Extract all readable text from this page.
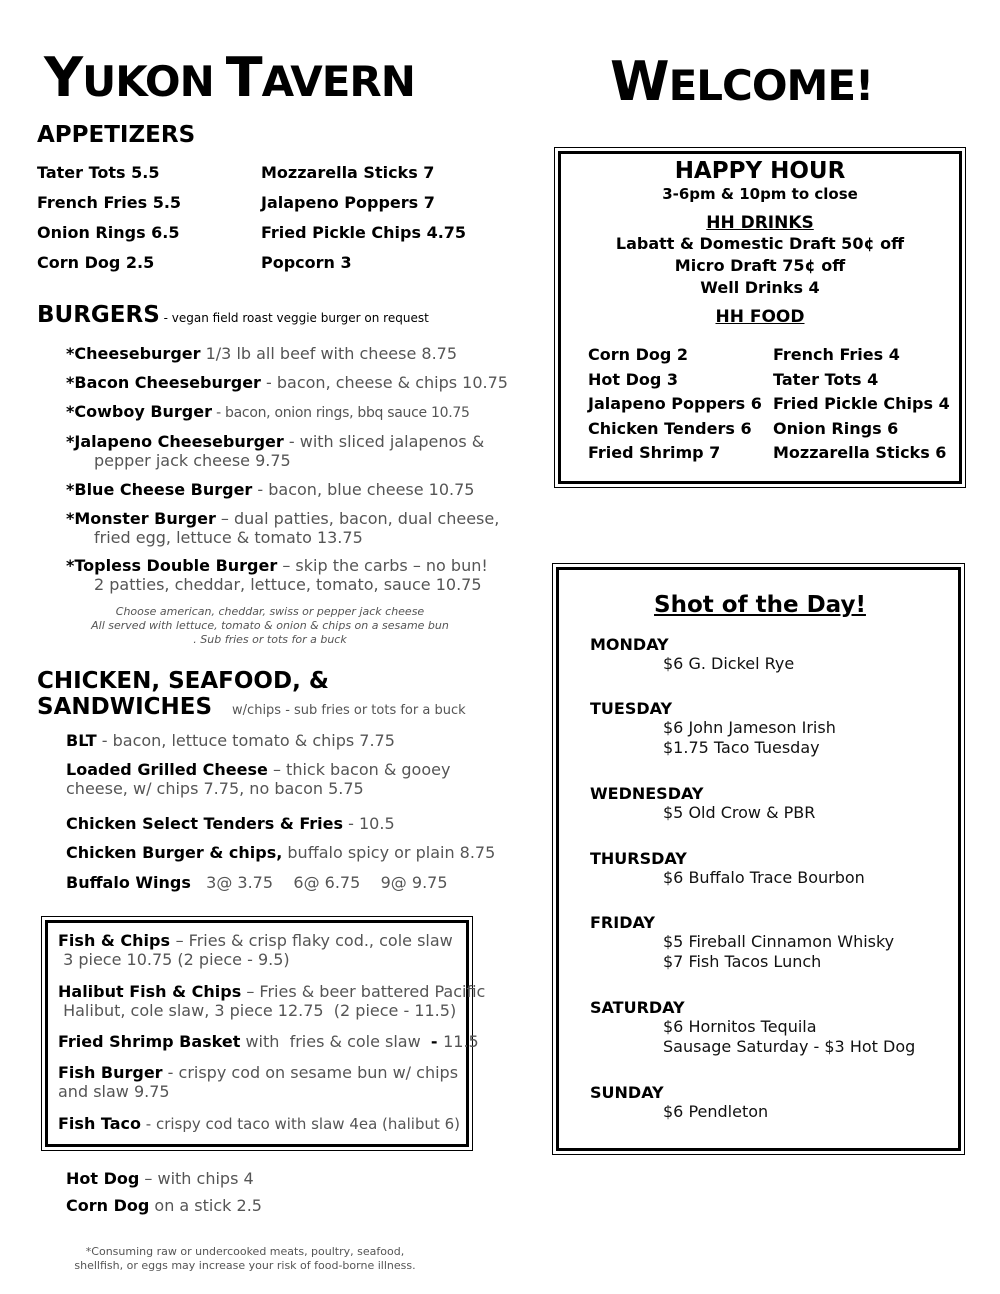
YUKON TAVERN	WELCOME!
APPETIZERS
Tater Tots 5.5
French Fries 5.5
Onion Rings 6.5
Corn Dog 2.5
Mozzarella Sticks 7
Jalapeno Poppers 7
Fried Pickle Chips 4.75
Popcorn 3
BURGERS - vegan field roast veggie burger on request
*Cheeseburger 1/3 lb all beef with cheese 8.75
*Bacon Cheeseburger - bacon, cheese & chips 10.75
*Cowboy Burger - bacon, onion rings, bbq sauce 10.75
*Jalapeno Cheeseburger - with sliced jalapenos &
pepper jack cheese 9.75
*Blue Cheese Burger - bacon, blue cheese 10.75
*Monster Burger – dual patties, bacon, dual cheese,
fried egg, lettuce & tomato 13.75
*Topless Double Burger – skip the carbs – no bun!
2 patties, cheddar, lettuce, tomato, sauce 10.75
Choose american, cheddar, swiss or pepper jack cheese
All served with lettuce, tomato & onion & chips on a sesame bun
. Sub fries or tots for a buck
CHICKEN, SEAFOOD, &
SANDWICHES w/chips - sub fries or tots for a buck
BLT - bacon, lettuce tomato & chips 7.75
Loaded Grilled Cheese – thick bacon & gooey
cheese, w/ chips 7.75, no bacon 5.75
Chicken Select Tenders & Fries - 10.5
Chicken Burger & chips, buffalo spicy or plain 8.75
Buffalo Wings   3@ 3.75    6@ 6.75    9@ 9.75
Fish & Chips – Fries & crisp flaky cod., cole slaw
3 piece 10.75 (2 piece - 9.5)
Halibut Fish & Chips – Fries & beer battered Pacific
Halibut, cole slaw, 3 piece 12.75  (2 piece - 11.5)
Fried Shrimp Basket with  fries & cole slaw  - 11.5
Fish Burger - crispy cod on sesame bun w/ chips
and slaw 9.75
Fish Taco - crispy cod taco with slaw 4ea (halibut 6)
Hot Dog – with chips 4
Corn Dog on a stick 2.5
*Consuming raw or undercooked meats, poultry, seafood,
shellfish, or eggs may increase your risk of food-borne illness.
HAPPY HOUR
3-6pm & 10pm to close
HH DRINKS
Labatt & Domestic Draft 50¢ off
Micro Draft 75¢ off
Well Drinks 4
HH FOOD
Corn Dog 2
Hot Dog 3
Jalapeno Poppers 6
Chicken Tenders 6
Fried Shrimp 7
French Fries 4
Tater Tots 4
Fried Pickle Chips 4
Onion Rings 6
Mozzarella Sticks 6
Shot of the Day!
MONDAY
$6 G. Dickel Rye
TUESDAY
$6 John Jameson Irish
$1.75 Taco Tuesday
WEDNESDAY
$5 Old Crow & PBR
THURSDAY
$6 Buffalo Trace Bourbon
FRIDAY
$5 Fireball Cinnamon Whisky
$7 Fish Tacos Lunch
SATURDAY
$6 Hornitos Tequila
Sausage Saturday - $3 Hot Dog
SUNDAY
$6 Pendleton
